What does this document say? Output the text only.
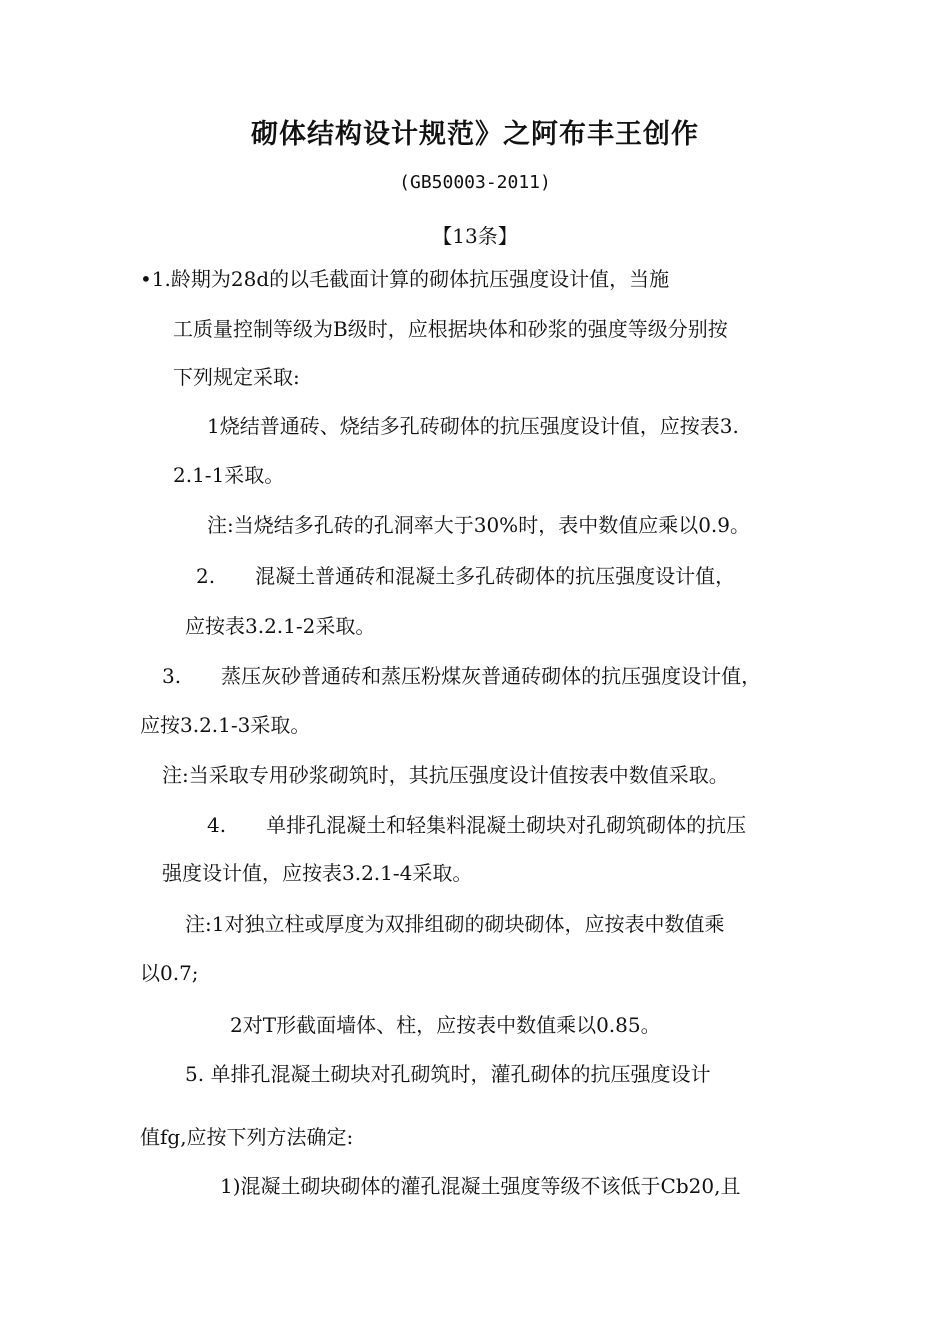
砌体结构设计规范》之阿布丰王创作
(GB50003-2011)
【13条】
•1.龄期为28d的以毛截面计算的砌体抗压强度设计值，当施
工质量控制等级为B级时，应根据块体和砂浆的强度等级分别按
下列规定采取:
1烧结普通砖、烧结多孔砖砌体的抗压强度设计值，应按表3.
2.1-1采取。
注:当烧结多孔砖的孔洞率大于30%时，表中数值应乘以0.9。
2.　　混凝土普通砖和混凝土多孔砖砌体的抗压强度设计值，
应按表3.2.1-2采取。
3.　　蒸压灰砂普通砖和蒸压粉煤灰普通砖砌体的抗压强度设计值，
应按3.2.1-3采取。
注:当采取专用砂浆砌筑时，其抗压强度设计值按表中数值采取。
4.　　单排孔混凝土和轻集料混凝土砌块对孔砌筑砌体的抗压
强度设计值，应按表3.2.1-4采取。
注:1对独立柱或厚度为双排组砌的砌块砌体，应按表中数值乘
以0.7;
2对T形截面墙体、柱，应按表中数值乘以0.85。
5. 单排孔混凝土砌块对孔砌筑时，灌孔砌体的抗压强度设计
值fg,应按下列方法确定:
1)混凝土砌块砌体的灌孔混凝土强度等级不该低于Cb20,且
